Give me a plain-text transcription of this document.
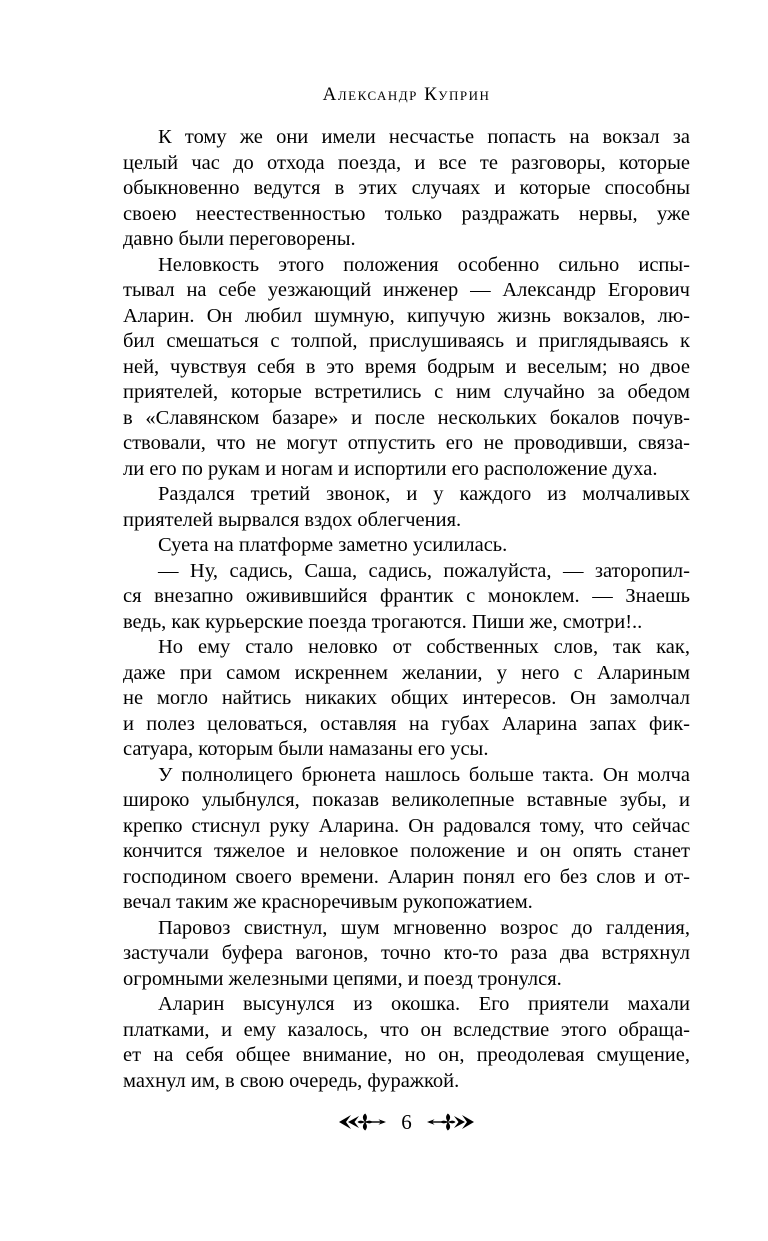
Александр Куприн
К тому же они имели несчастье попасть на вокзал за
целый час до отхода поезда, и все те разговоры, которые
обыкновенно ведутся в этих случаях и которые способны
своею неестественностью только раздражать нервы, уже
давно были переговорены.
Неловкость этого положения особенно сильно испы-
тывал на себе уезжающий инженер — Александр Егорович
Аларин. Он любил шумную, кипучую жизнь вокзалов, лю-
бил смешаться с толпой, прислушиваясь и приглядываясь к
ней, чувствуя себя в это время бодрым и веселым; но двое
приятелей, которые встретились с ним случайно за обедом
в «Славянском базаре» и после нескольких бокалов почув-
ствовали, что не могут отпустить его не проводивши, связа-
ли его по рукам и ногам и испортили его расположение духа.
Раздался третий звонок, и у каждого из молчаливых
приятелей вырвался вздох облегчения.
Суета на платформе заметно усилилась.
— Ну, садись, Саша, садись, пожалуйста, — заторопил-
ся внезапно оживившийся франтик с моноклем. — Знаешь
ведь, как курьерские поезда трогаются. Пиши же, смотри!..
Но ему стало неловко от собственных слов, так как,
даже при самом искреннем желании, у него с Алариным
не могло найтись никаких общих интересов. Он замолчал
и полез целоваться, оставляя на губах Аларина запах фик-
сатуара, которым были намазаны его усы.
У полнолицего брюнета нашлось больше такта. Он молча
широко улыбнулся, показав великолепные вставные зубы, и
крепко стиснул руку Аларина. Он радовался тому, что сейчас
кончится тяжелое и неловкое положение и он опять станет
господином своего времени. Аларин понял его без слов и от-
вечал таким же красноречивым рукопожатием.
Паровоз свистнул, шум мгновенно возрос до галдения,
застучали буфера вагонов, точно кто-то раза два встряхнул
огромными железными цепями, и поезд тронулся.
Аларин высунулся из окошка. Его приятели махали
платками, и ему казалось, что он вследствие этого обраща-
ет на себя общее внимание, но он, преодолевая смущение,
махнул им, в свою очередь, фуражкой.
6
